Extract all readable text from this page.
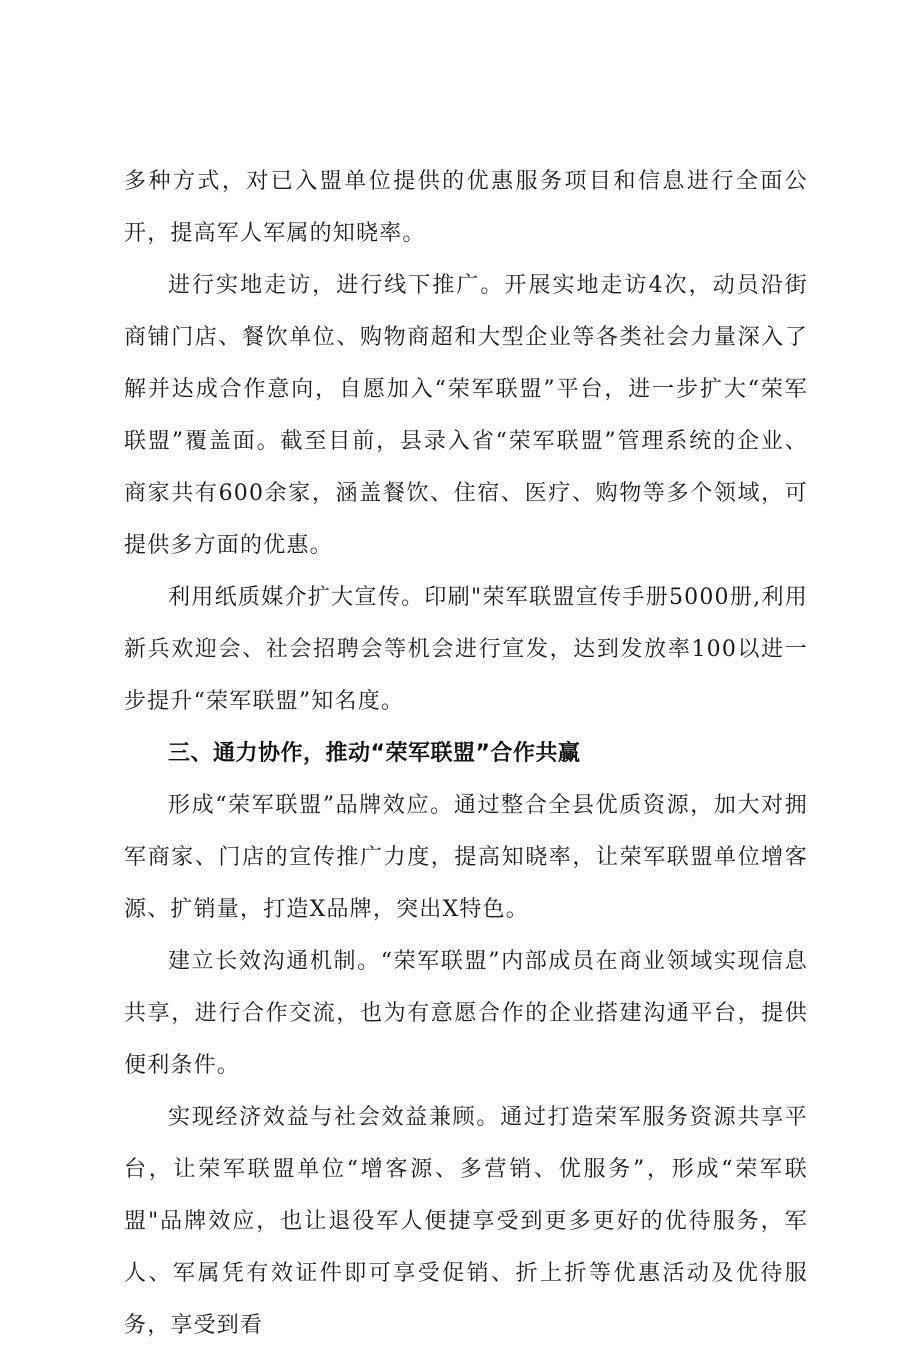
多种方式，对已入盟单位提供的优惠服务项目和信息进行全面公开，提高军人军属的知晓率。

进行实地走访，进行线下推广。开展实地走访4次，动员沿街商铺门店、餐饮单位、购物商超和大型企业等各类社会力量深入了解并达成合作意向，自愿加入“荣军联盟”平台，进一步扩大“荣军联盟”覆盖面。截至目前，县录入省“荣军联盟”管理系统的企业、商家共有600余家，涵盖餐饮、住宿、医疗、购物等多个领域，可提供多方面的优惠。

利用纸质媒介扩大宣传。印刷"荣军联盟宣传手册5000册,利用新兵欢迎会、社会招聘会等机会进行宣发，达到发放率100以进一步提升“荣军联盟”知名度。

三、通力协作，推动“荣军联盟”合作共赢

形成“荣军联盟”品牌效应。通过整合全县优质资源，加大对拥军商家、门店的宣传推广力度，提高知晓率，让荣军联盟单位增客源、扩销量，打造X品牌，突出X特色。

建立长效沟通机制。“荣军联盟”内部成员在商业领域实现信息共享，进行合作交流，也为有意愿合作的企业搭建沟通平台，提供便利条件。

实现经济效益与社会效益兼顾。通过打造荣军服务资源共享平台，让荣军联盟单位“增客源、多营销、优服务”，形成“荣军联盟"品牌效应，也让退役军人便捷享受到更多更好的优待服务，军人、军属凭有效证件即可享受促销、折上折等优惠活动及优待服务，享受到看
